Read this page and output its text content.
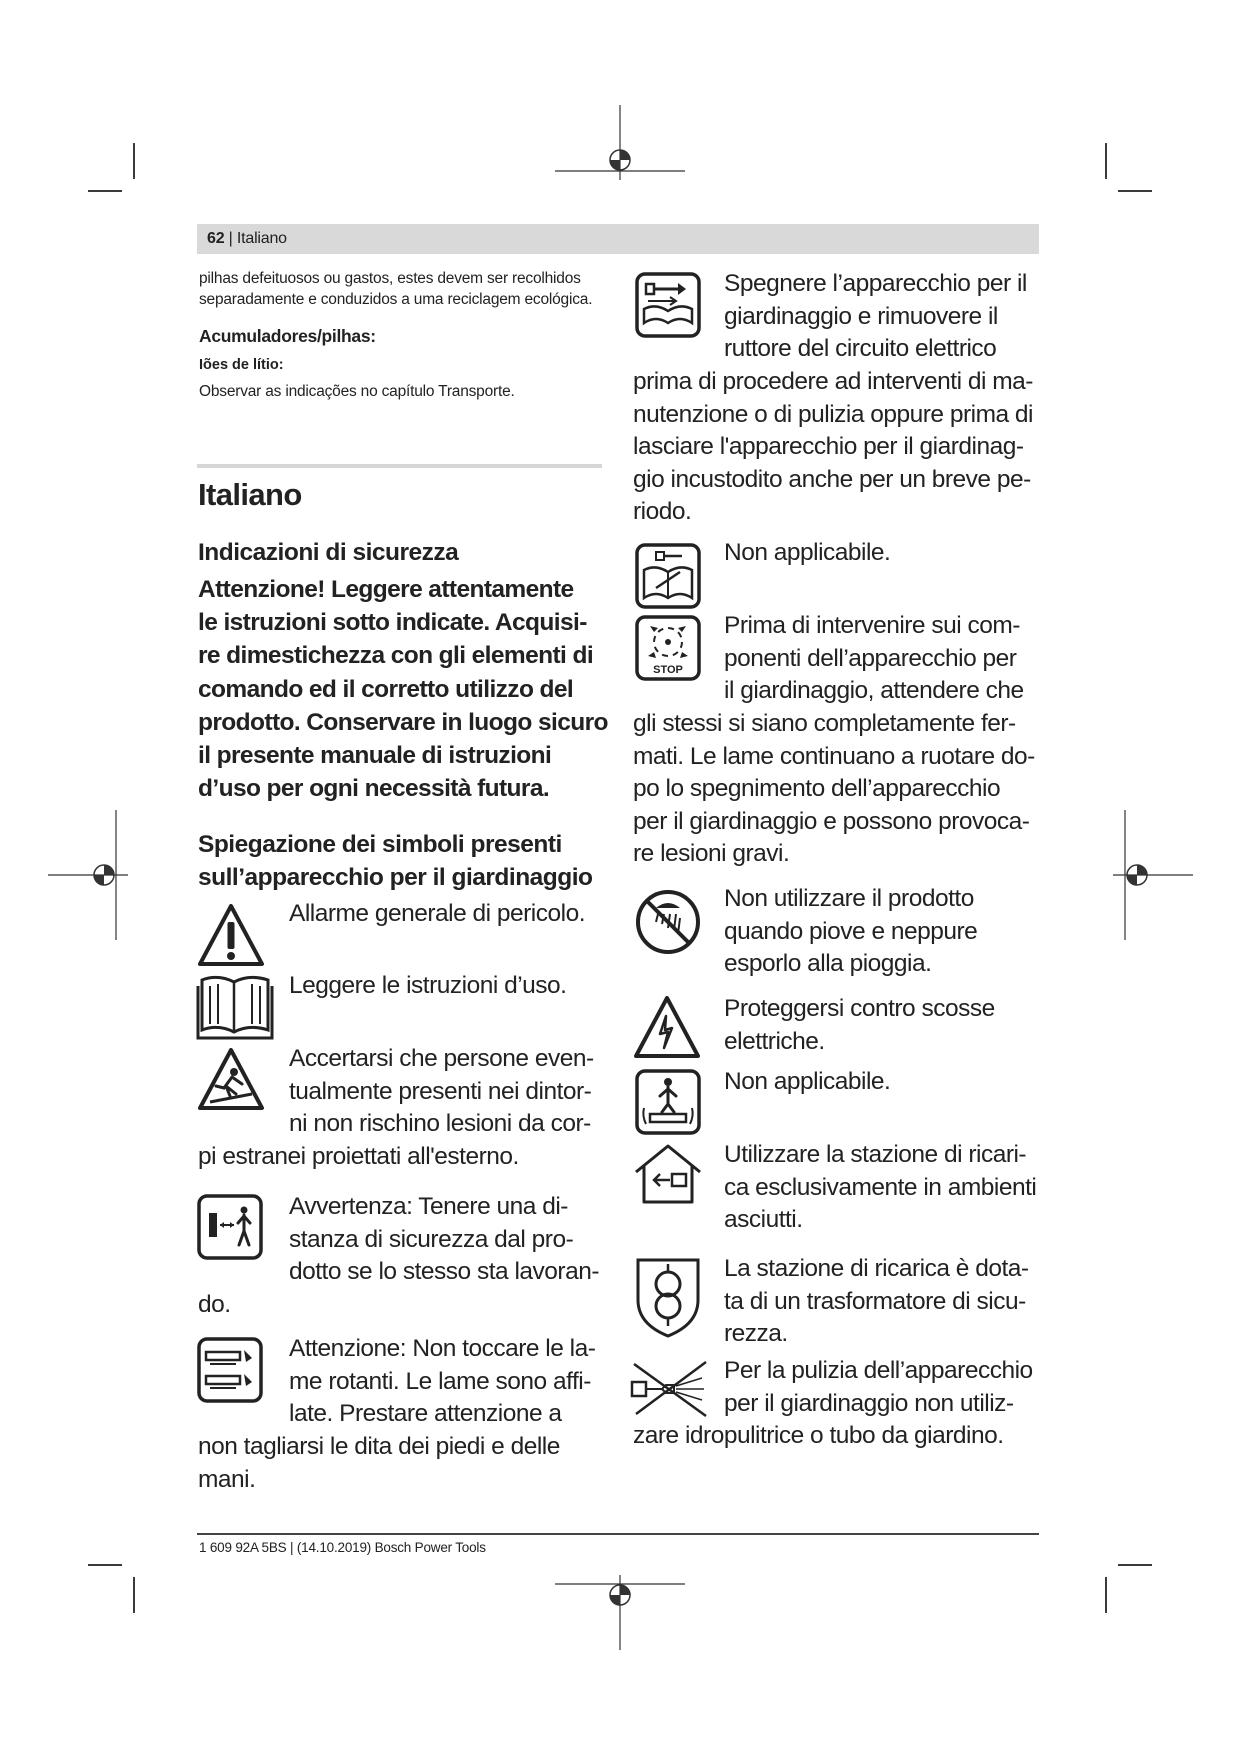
62 | Italiano
pilhas defeituosos ou gastos, estes devem ser recolhidos
separadamente e conduzidos a uma reciclagem ecológica.
Acumuladores/pilhas:
Iões de lítio:
Observar as indicações no capítulo Transporte.
Italiano
Indicazioni di sicurezza
Attenzione! Leggere attentamente
le istruzioni sotto indicate. Acquisi-
re dimestichezza con gli elementi di
comando ed il corretto utilizzo del
prodotto. Conservare in luogo sicuro
il presente manuale di istruzioni
d’uso per ogni necessità futura.
Spiegazione dei simboli presenti
sull’apparecchio per il giardinaggio

Allarme generale di pericolo.

Leggere le istruzioni d’uso.

Accertarsi che persone even-

tualmente presenti nei dintor-

ni non rischino lesioni da cor-

pi estranei proiettati all'esterno.

Avvertenza: Tenere una di-

stanza di sicurezza dal pro-

dotto se lo stesso sta lavoran-

do.

Attenzione: Non toccare le la-

me rotanti. Le lame sono affi-

late. Prestare attenzione a

non tagliarsi le dita dei piedi e delle

mani.

Spegnere l’apparecchio per il

giardinaggio e rimuovere il

ruttore del circuito elettrico

prima di procedere ad interventi di ma-

nutenzione o di pulizia oppure prima di

lasciare l'apparecchio per il giardinag-

gio incustodito anche per un breve pe-

riodo.

Non applicabile.

STOP

Prima di intervenire sui com-

ponenti dell’apparecchio per

il giardinaggio, attendere che

gli stessi si siano completamente fer-

mati. Le lame continuano a ruotare do-

po lo spegnimento dell’apparecchio

per il giardinaggio e possono provoca-

re lesioni gravi.

Non utilizzare il prodotto

quando piove e neppure

esporlo alla pioggia.

Proteggersi contro scosse

elettriche.

Non applicabile.

Utilizzare la stazione di ricari-

ca esclusivamente in ambienti

asciutti.

La stazione di ricarica è dota-

ta di un trasformatore di sicu-

rezza.

Per la pulizia dell’apparecchio

per il giardinaggio non utiliz-

zare idropulitrice o tubo da giardino.

1 609 92A 5BS | (14.10.2019) Bosch Power Tools
